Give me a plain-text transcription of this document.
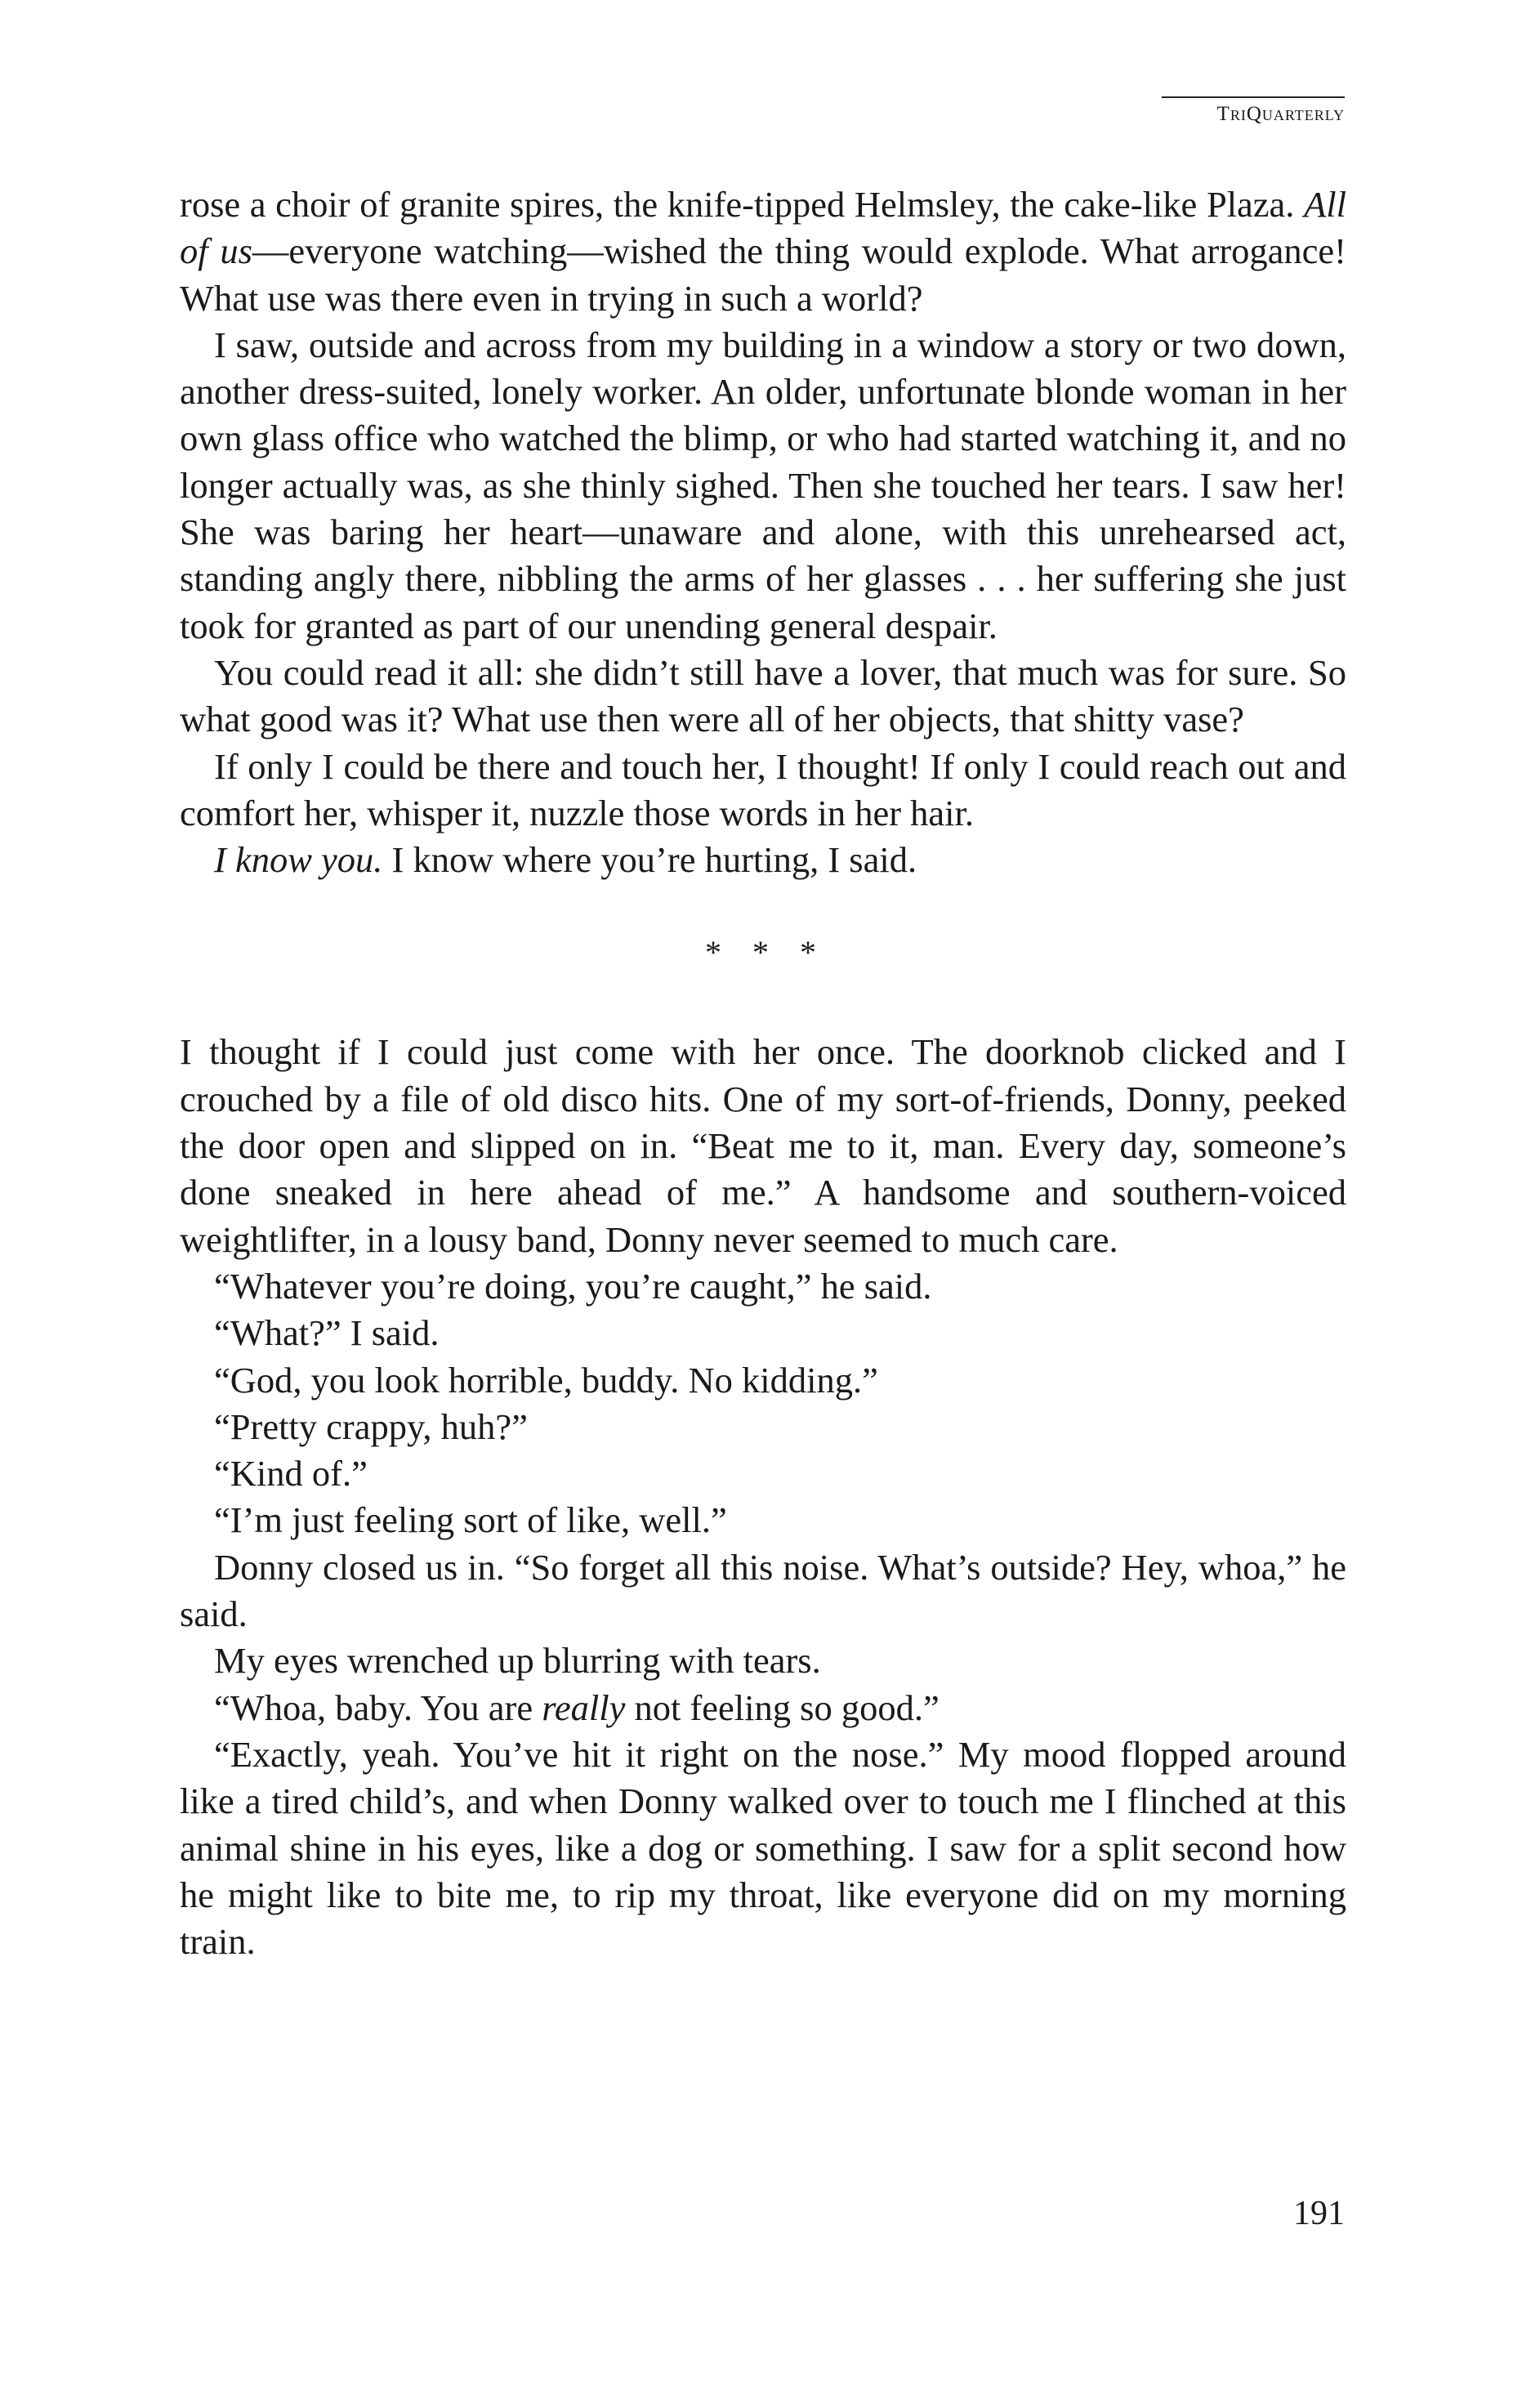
TriQuarterly

rose a choir of granite spires, the knife-tipped Helmsley, the cake-like Plaza. All of us—everyone watching—wished the thing would explode. What arrogance! What use was there even in trying in such a world?

I saw, outside and across from my building in a window a story or two down, another dress-suited, lonely worker. An older, unfortunate blonde woman in her own glass office who watched the blimp, or who had started watching it, and no longer actually was, as she thinly sighed. Then she touched her tears. I saw her! She was baring her heart—unaware and alone, with this unrehearsed act, standing angly there, nibbling the arms of her glasses . . . her suffering she just took for granted as part of our unending general despair.

You could read it all: she didn’t still have a lover, that much was for sure. So what good was it? What use then were all of her objects, that shitty vase?

If only I could be there and touch her, I thought! If only I could reach out and comfort her, whisper it, nuzzle those words in her hair.

I know you. I know where you’re hurting, I said.

* * *

I thought if I could just come with her once. The doorknob clicked and I crouched by a file of old disco hits. One of my sort-of-friends, Donny, peeked the door open and slipped on in. “Beat me to it, man. Every day, someone’s done sneaked in here ahead of me.” A handsome and southern-voiced weightlifter, in a lousy band, Donny never seemed to much care.

“Whatever you’re doing, you’re caught,” he said.

“What?” I said.

“God, you look horrible, buddy. No kidding.”

“Pretty crappy, huh?”

“Kind of.”

“I’m just feeling sort of like, well.”

Donny closed us in. “So forget all this noise. What’s outside? Hey, whoa,” he said.

My eyes wrenched up blurring with tears.

“Whoa, baby. You are really not feeling so good.”

“Exactly, yeah. You’ve hit it right on the nose.” My mood flopped around like a tired child’s, and when Donny walked over to touch me I flinched at this animal shine in his eyes, like a dog or something. I saw for a split second how he might like to bite me, to rip my throat, like everyone did on my morning train.

191
